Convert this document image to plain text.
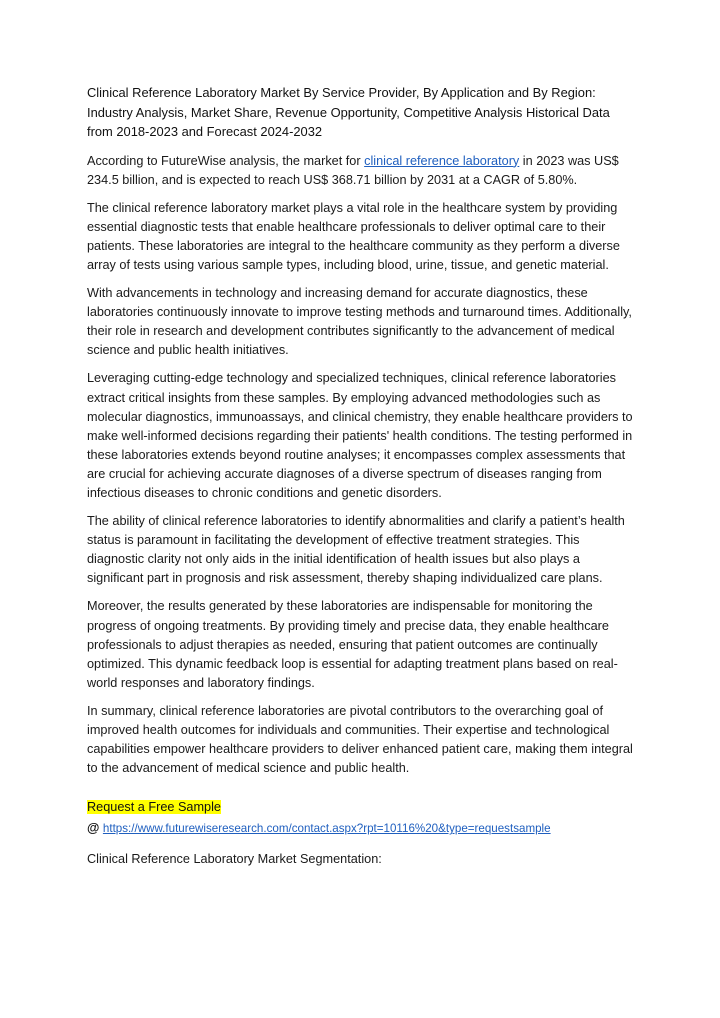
Clinical Reference Laboratory Market By Service Provider, By Application and By Region: Industry Analysis, Market Share, Revenue Opportunity, Competitive Analysis Historical Data from 2018-2023 and Forecast 2024-2032

According to FutureWise analysis, the market for clinical reference laboratory in 2023 was US$ 234.5 billion, and is expected to reach US$ 368.71 billion by 2031 at a CAGR of 5.80%.

The clinical reference laboratory market plays a vital role in the healthcare system by providing essential diagnostic tests that enable healthcare professionals to deliver optimal care to their patients. These laboratories are integral to the healthcare community as they perform a diverse array of tests using various sample types, including blood, urine, tissue, and genetic material.

With advancements in technology and increasing demand for accurate diagnostics, these laboratories continuously innovate to improve testing methods and turnaround times. Additionally, their role in research and development contributes significantly to the advancement of medical science and public health initiatives.

Leveraging cutting-edge technology and specialized techniques, clinical reference laboratories extract critical insights from these samples. By employing advanced methodologies such as molecular diagnostics, immunoassays, and clinical chemistry, they enable healthcare providers to make well-informed decisions regarding their patients' health conditions. The testing performed in these laboratories extends beyond routine analyses; it encompasses complex assessments that are crucial for achieving accurate diagnoses of a diverse spectrum of diseases ranging from infectious diseases to chronic conditions and genetic disorders.

The ability of clinical reference laboratories to identify abnormalities and clarify a patient’s health status is paramount in facilitating the development of effective treatment strategies. This diagnostic clarity not only aids in the initial identification of health issues but also plays a significant part in prognosis and risk assessment, thereby shaping individualized care plans.

Moreover, the results generated by these laboratories are indispensable for monitoring the progress of ongoing treatments. By providing timely and precise data, they enable healthcare professionals to adjust therapies as needed, ensuring that patient outcomes are continually optimized. This dynamic feedback loop is essential for adapting treatment plans based on real-world responses and laboratory findings.

In summary, clinical reference laboratories are pivotal contributors to the overarching goal of improved health outcomes for individuals and communities. Their expertise and technological capabilities empower healthcare providers to deliver enhanced patient care, making them integral to the advancement of medical science and public health.

Request a Free Sample

@ https://www.futurewiseresearch.com/contact.aspx?rpt=10116%20&type=requestsample

Clinical Reference Laboratory Market Segmentation:
